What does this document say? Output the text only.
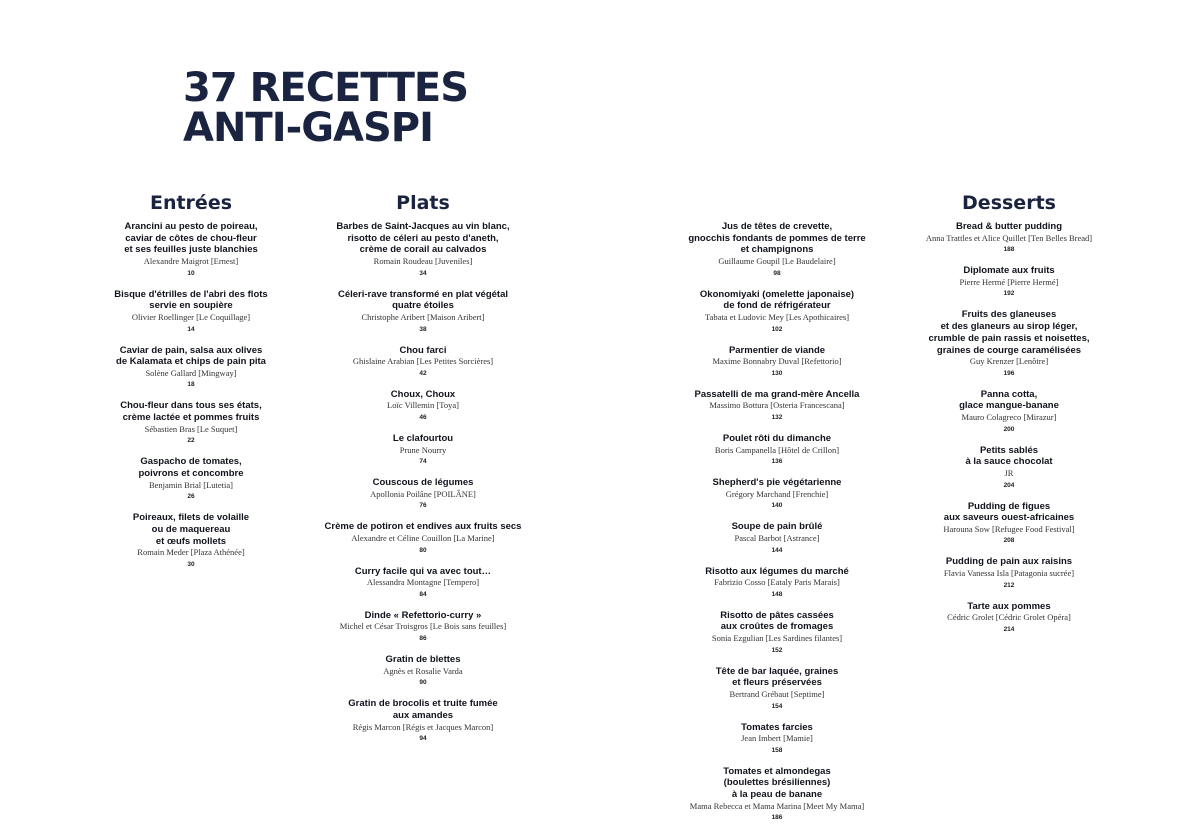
37 RECETTES
ANTI-GASPI
Entrées
Arancini au pesto de poireau,
caviar de côtes de chou-fleur
et ses feuilles juste blanchies
Alexandre Maigrot [Ernest]
10
Bisque d'étrilles de l'abri des flots
servie en soupière
Olivier Roellinger [Le Coquillage]
14
Caviar de pain, salsa aux olives
de Kalamata et chips de pain pita
Solène Gallard [Mingway]
18
Chou-fleur dans tous ses états,
crème lactée et pommes fruits
Sébastien Bras [Le Suquet]
22
Gaspacho de tomates,
poivrons et concombre
Benjamin Brial [Lutetia]
26
Poireaux, filets de volaille
ou de maquereau
et œufs mollets
Romain Meder [Plaza Athénée]
30
Plats
Barbes de Saint-Jacques au vin blanc,
risotto de céleri au pesto d'aneth,
crème de corail au calvados
Romain Roudeau [Juveniles]
34
Céleri-rave transformé en plat végétal
quatre étoiles
Christophe Aribert [Maison Aribert]
38
Chou farci
Ghislaine Arabian [Les Petites Sorcières]
42
Choux, Choux
Loïc Villemin [Toya]
46
Le clafourtou
Prune Nourry
74
Couscous de légumes
Apollonia Poilâne [POILÂNE]
76
Crème de potiron et endives aux fruits secs
Alexandre et Céline Couillon [La Marine]
80
Curry facile qui va avec tout…
Alessandra Montagne [Tempero]
84
Dinde « Refettorio-curry »
Michel et César Troisgros [Le Bois sans feuilles]
86
Gratin de blettes
Agnès et Rosalie Varda
90
Gratin de brocolis et truite fumée
aux amandes
Régis Marcon [Régis et Jacques Marcon]
94
Jus de têtes de crevette,
gnocchis fondants de pommes de terre
et champignons
Guillaume Goupil [Le Baudelaire]
98
Okonomiyaki (omelette japonaise)
de fond de réfrigérateur
Tabata et Ludovic Mey [Les Apothicaires]
102
Parmentier de viande
Maxime Bonnabry Duval [Refettorio]
130
Passatelli de ma grand-mère Ancella
Massimo Bottura [Osteria Francescana]
132
Poulet rôti du dimanche
Boris Campanella [Hôtel de Crillon]
136
Shepherd's pie végétarienne
Grégory Marchand [Frenchie]
140
Soupe de pain brûlé
Pascal Barbot [Astrance]
144
Risotto aux légumes du marché
Fabrizio Cosso [Eataly Paris Marais]
148
Risotto de pâtes cassées
aux croûtes de fromages
Sonia Ezgulian [Les Sardines filantes]
152
Tête de bar laquée, graines
et fleurs préservées
Bertrand Grébaut [Septime]
154
Tomates farcies
Jean Imbert [Mamie]
158
Tomates et almondegas
(boulettes brésiliennes)
à la peau de banane
Mama Rebecca et Mama Marina [Meet My Mama]
186
Desserts
Bread & butter pudding
Anna Trattles et Alice Quillet [Ten Belles Bread]
188
Diplomate aux fruits
Pierre Hermé [Pierre Hermé]
192
Fruits des glaneuses
et des glaneurs au sirop léger,
crumble de pain rassis et noisettes,
graines de courge caramélisées
Guy Krenzer [Lenôtre]
196
Panna cotta,
glace mangue-banane
Mauro Colagreco [Mirazur]
200
Petits sablés
à la sauce chocolat
JR
204
Pudding de figues
aux saveurs ouest-africaines
Harouna Sow [Refugee Food Festival]
208
Pudding de pain aux raisins
Flavia Vanessa Isla [Patagonia sucrée]
212
Tarte aux pommes
Cédric Grolet [Cédric Grolet Opéra]
214
